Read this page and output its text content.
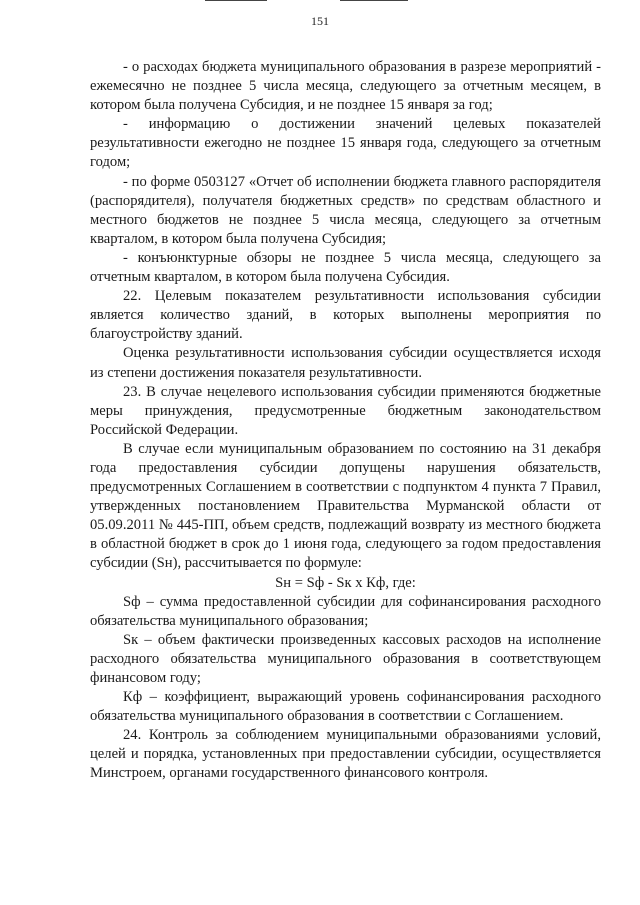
151

- о расходах бюджета муниципального образования в разрезе мероприятий - ежемесячно не позднее 5 числа месяца, следующего за отчетным месяцем, в котором была получена Субсидия, и не позднее 15 января за год;

- информацию о достижении значений целевых показателей результативности ежегодно не позднее 15 января года, следующего за отчетным годом;

- по форме 0503127 «Отчет об исполнении бюджета главного распорядителя (распорядителя), получателя бюджетных средств» по средствам областного и местного бюджетов не позднее 5 числа месяца, следующего за отчетным кварталом, в котором была получена Субсидия;

- конъюнктурные обзоры не позднее 5 числа месяца, следующего за отчетным кварталом, в котором была получена Субсидия.

22. Целевым показателем результативности использования субсидии является количество зданий, в которых выполнены мероприятия по благоустройству зданий.

Оценка результативности использования субсидии осуществляется исходя из степени достижения показателя результативности.

23. В случае нецелевого использования субсидии применяются бюджетные меры принуждения, предусмотренные бюджетным законодательством Российской Федерации.

В случае если муниципальным образованием по состоянию на 31 декабря года предоставления субсидии допущены нарушения обязательств, предусмотренных Соглашением в соответствии с подпунктом 4 пункта 7 Правил, утвержденных постановлением Правительства Мурманской области от 05.09.2011 № 445-ПП, объем средств, подлежащий возврату из местного бюджета в областной бюджет в срок до 1 июня года, следующего за годом предоставления субсидии (Sн), рассчитывается по формуле:

Sн = Sф - Sк х Кф, где:

Sф – сумма предоставленной субсидии для софинансирования расходного обязательства муниципального образования;

Sк – объем фактически произведенных кассовых расходов на исполнение расходного обязательства муниципального образования в соответствующем финансовом году;

Кф – коэффициент, выражающий уровень софинансирования расходного обязательства муниципального образования в соответствии с Соглашением.

24. Контроль за соблюдением муниципальными образованиями условий, целей и порядка, установленных при предоставлении субсидии, осуществляется Минстроем, органами государственного финансового контроля.
